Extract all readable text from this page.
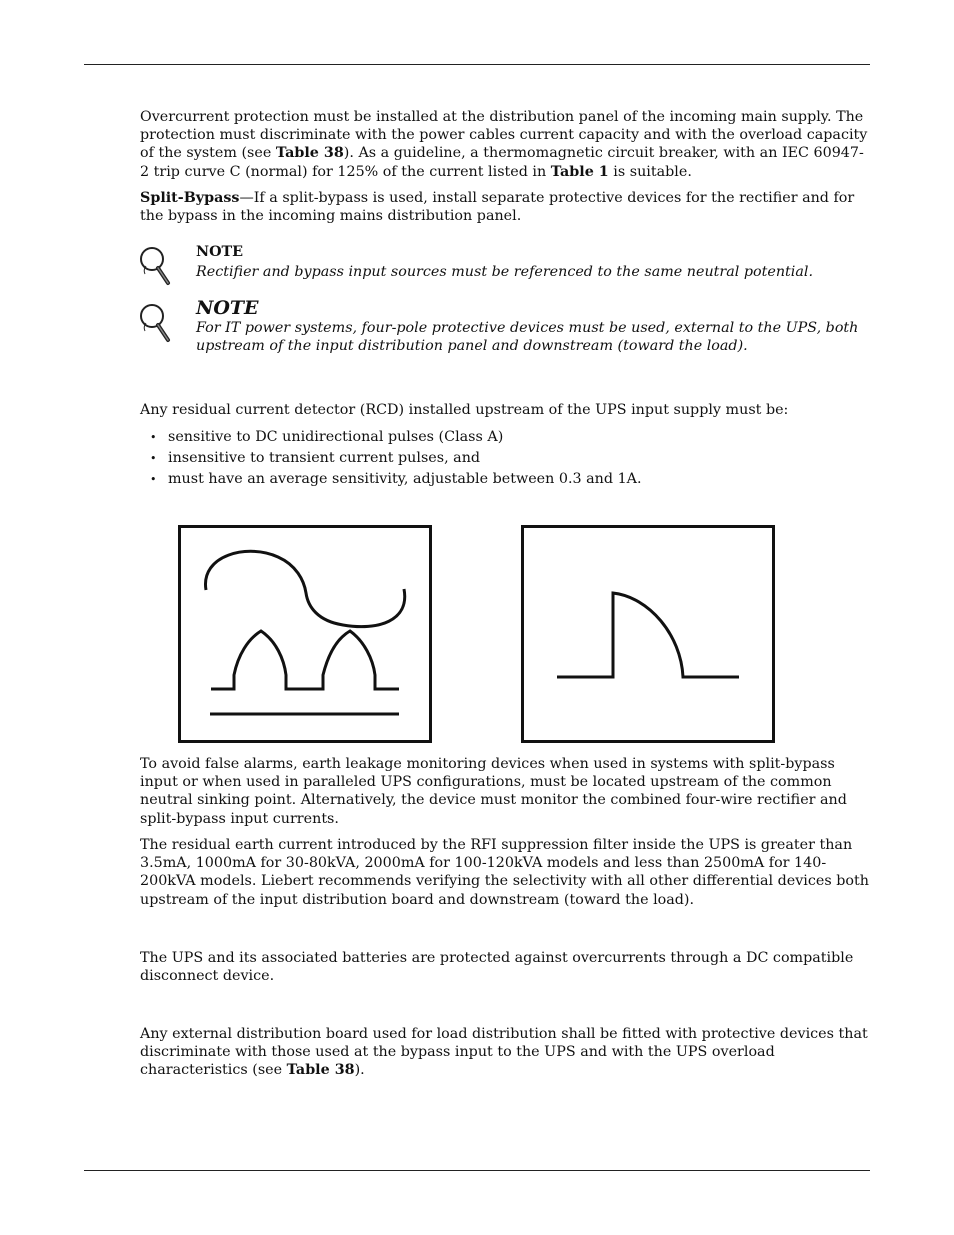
Overcurrent protection must be installed at the distribution panel of the incoming main supply. The protection must discriminate with the power cables current capacity and with the overload capacity of the system (see Table 38). As a guideline, a thermomagnetic circuit breaker, with an IEC 60947-2 trip curve C (normal) for 125% of the current listed in Table 1 is suitable.

Split-Bypass—If a split-bypass is used, install separate protective devices for the rectifier and for the bypass in the incoming mains distribution panel.

NOTE
Rectifier and bypass input sources must be referenced to the same neutral potential.
NOTE
For IT power systems, four-pole protective devices must be used, external to the UPS, both upstream of the input distribution panel and downstream (toward the load).

Any residual current detector (RCD) installed upstream of the UPS input supply must be:

• sensitive to DC unidirectional pulses (Class A)
• insensitive to transient current pulses, and
• must have an average sensitivity, adjustable between 0.3 and 1A.

To avoid false alarms, earth leakage monitoring devices when used in systems with split-bypass input or when used in paralleled UPS configurations, must be located upstream of the common neutral sinking point. Alternatively, the device must monitor the combined four-wire rectifier and split-bypass input currents.

The residual earth current introduced by the RFI suppression filter inside the UPS is greater than 3.5mA, 1000mA for 30-80kVA, 2000mA for 100-120kVA models and less than 2500mA for 140-200kVA models. Liebert recommends verifying the selectivity with all other differential devices both upstream of the input distribution board and downstream (toward the load).

The UPS and its associated batteries are protected against overcurrents through a DC compatible disconnect device.

Any external distribution board used for load distribution shall be fitted with protective devices that discriminate with those used at the bypass input to the UPS and with the UPS overload characteristics (see Table 38).
